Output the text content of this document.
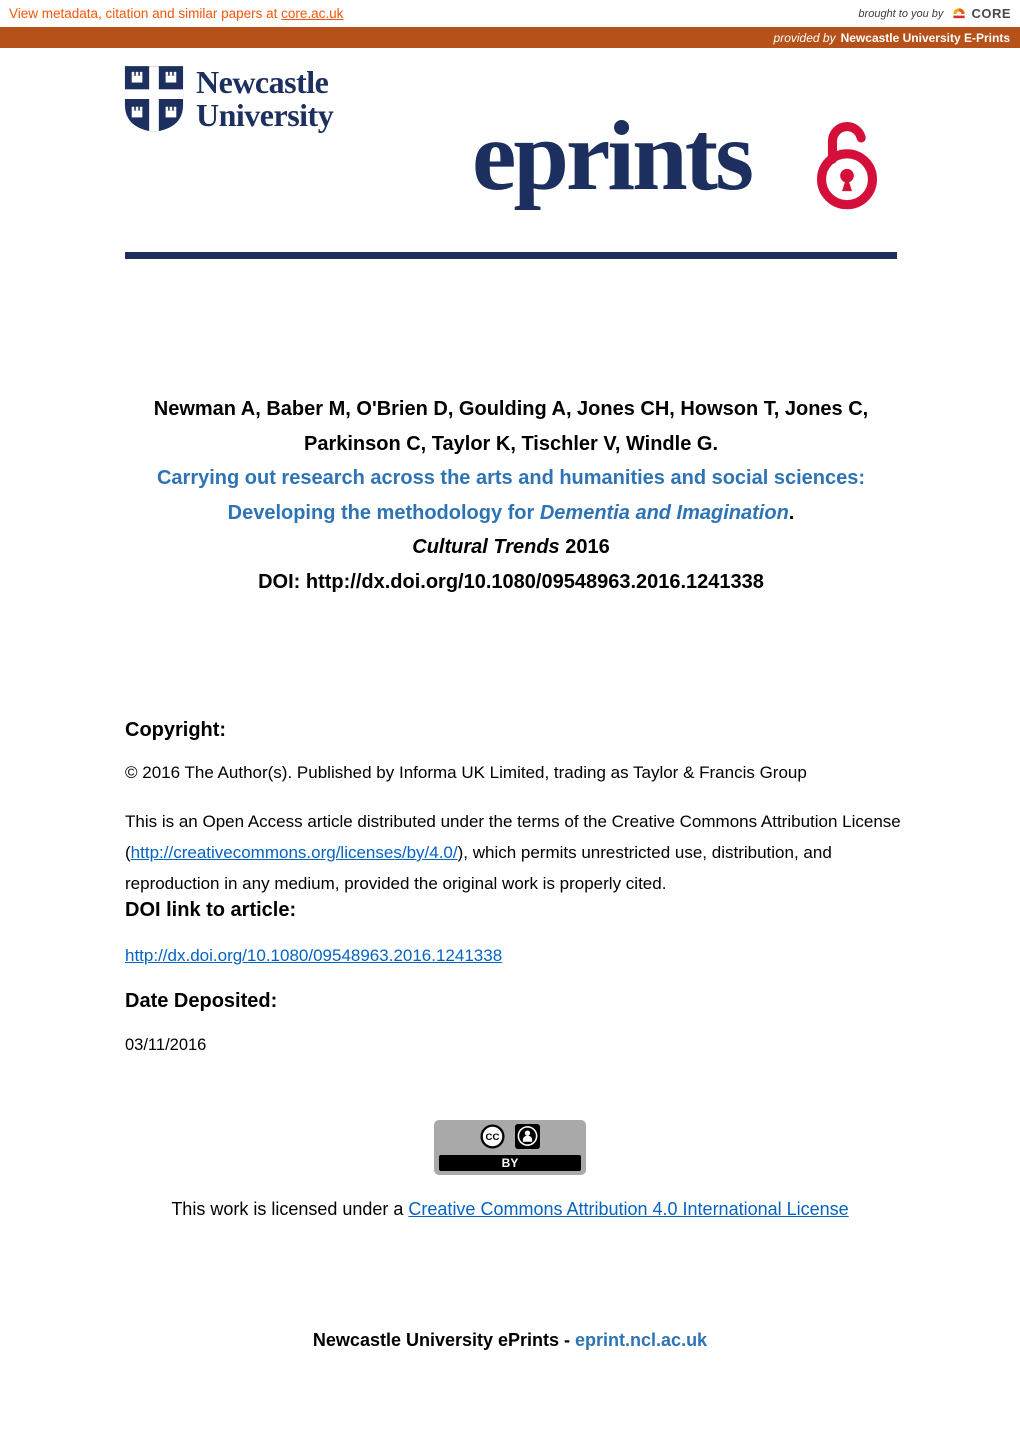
View metadata, citation and similar papers at core.ac.uk	brought to you by CORE
provided by Newcastle University E-Prints
Newcastle
University eprints
Newman A, Baber M, O'Brien D, Goulding A, Jones CH, Howson T, Jones C,
Parkinson C, Taylor K, Tischler V, Windle G.
Carrying out research across the arts and humanities and social sciences:
Developing the methodology for Dementia and Imagination.
Cultural Trends 2016
DOI: http://dx.doi.org/10.1080/09548963.2016.1241338
Copyright:
© 2016 The Author(s). Published by Informa UK Limited, trading as Taylor & Francis Group
This is an Open Access article distributed under the terms of the Creative Commons Attribution License
(http://creativecommons.org/licenses/by/4.0/), which permits unrestricted use, distribution, and
reproduction in any medium, provided the original work is properly cited.
DOI link to article:
http://dx.doi.org/10.1080/09548963.2016.1241338
Date Deposited:
03/11/2016
CC
BY
This work is licensed under a Creative Commons Attribution 4.0 International License
Newcastle University ePrints - eprint.ncl.ac.uk
